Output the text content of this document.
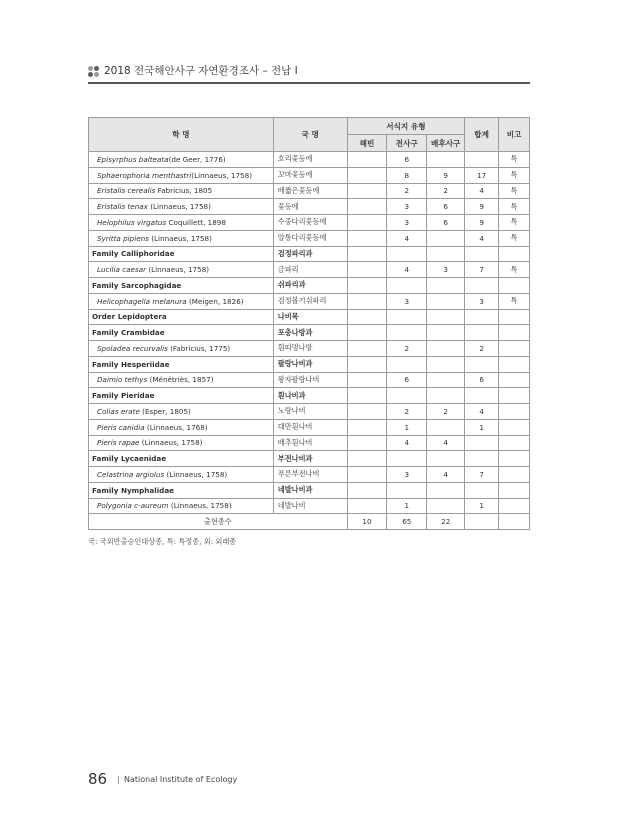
2018 전국해안사구 자연환경조사 – 전남 I
학 명	국 명	서식지 유형			합계	비고
		해빈	전사구	배후사구		
Episyrphus balteata(de Geer, 1776)	호리꽃등에		6			특
Sphaerophoria menthastri(Linnaeus, 1758)	꼬마꽃등에		8	9	17	특
Eristalis cerealis Fabricius, 1805	배짧은꽃등에		2	2	4	특
Eristalis tenax (Linnaeus, 1758)	꽃등에		3	6	9	특
Helophilus virgatus Coquillett, 1898	수중다리꽃등에		3	6	9	특
Syritta pipiens (Linnaeus, 1758)	알통다리꽃등에		4		4	특
Family Calliphoridae	검정파리과					
Lucilia caesar (Linnaeus, 1758)	금파리		4	3	7	특
Family Sarcophagidae	쉬파리과					
Helicophagella melanura (Meigen, 1826)	검정볼기쉬파리		3		3	특
Order Lepidoptera	나비목					
Family Crambidae	포충나방과					
Spoladea recurvalis (Fabricius, 1775)	흰띠명나방		2		2	
Family Hesperiidae	팔랑나비과					
Daimio tethys (Ménétriès, 1857)	왕자팔랑나비		6		6	
Family Pieridae	흰나비과					
Colias erate (Esper, 1805)	노랑나비		2	2	4	
Pieris canidia (Linnaeus, 1768)	대만흰나비		1		1	
Pieris rapae (Linnaeus, 1758)	배추흰나비		4	4		
Family Lycaenidae	부전나비과					
Celastrina argiolus (Linnaeus, 1758)	푸른부전나비		3	4	7	
Family Nymphalidae	네발나비과					
Polygonia c-aureum (Linnaeus, 1758)	네발나비		1		1	
출현종수		10	65	22		
국: 국외반출승인대상종, 특: 특정종, 외: 외래종
86 | National Institute of Ecology
